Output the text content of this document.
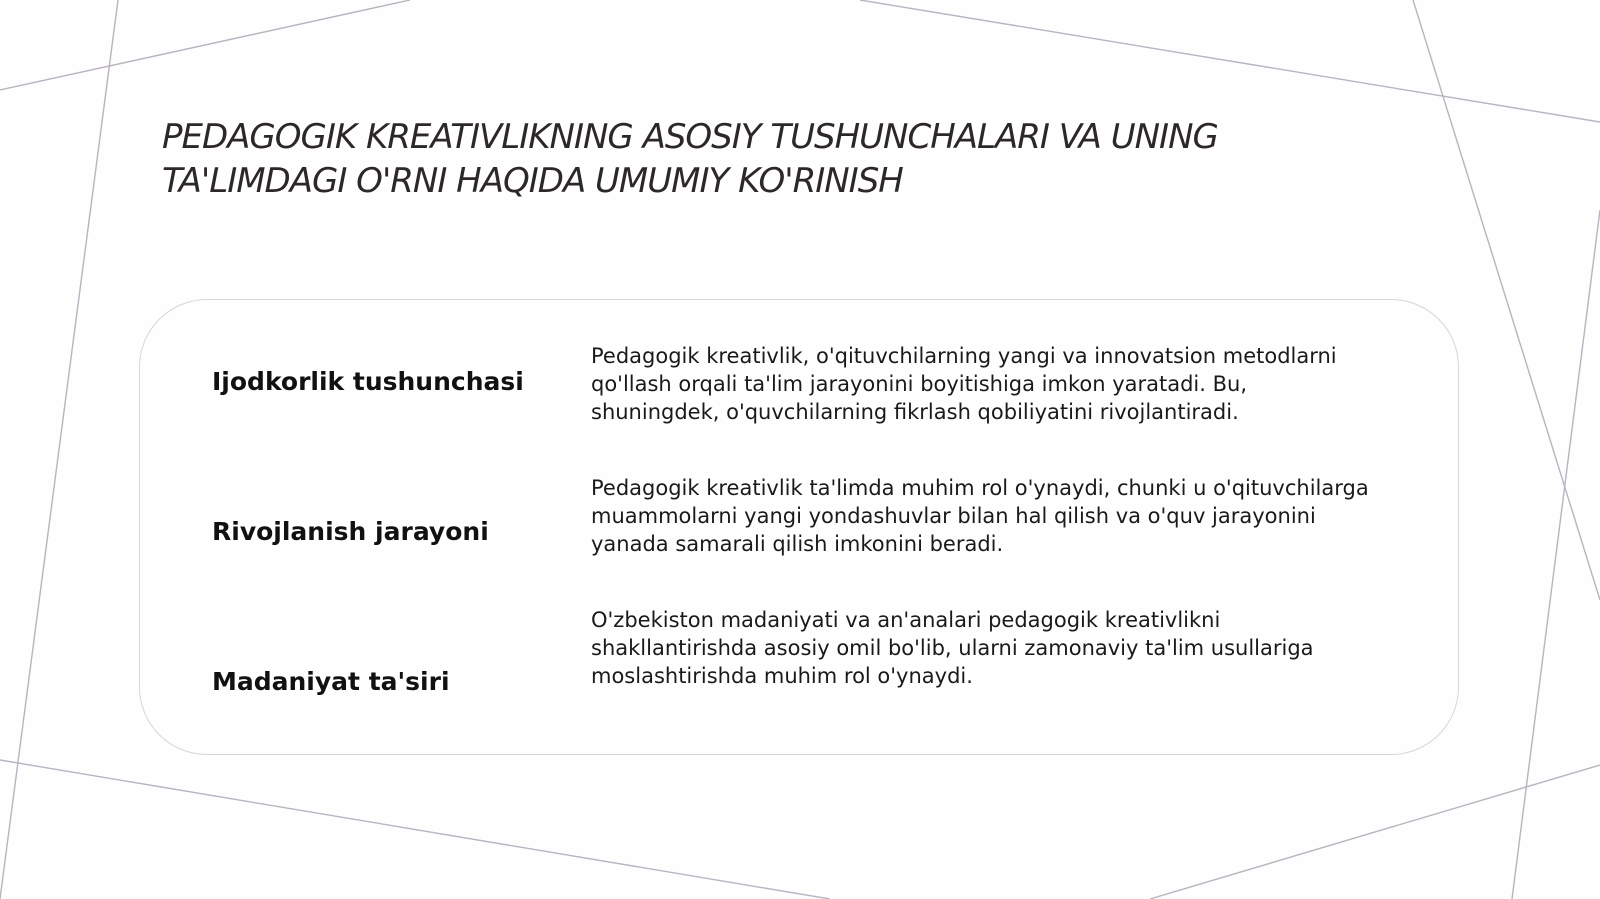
PEDAGOGIK KREATIVLIKNING ASOSIY TUSHUNCHALARI VA UNING
TA'LIMDAGI O'RNI HAQIDA UMUMIY KO'RINISH

Ijodkorlik tushunchasi

Pedagogik kreativlik, o'qituvchilarning yangi va innovatsion metodlarni
qo'llash orqali ta'lim jarayonini boyitishiga imkon yaratadi. Bu,
shuningdek, o'quvchilarning fikrlash qobiliyatini rivojlantiradi.

Rivojlanish jarayoni

Pedagogik kreativlik ta'limda muhim rol o'ynaydi, chunki u o'qituvchilarga
muammolarni yangi yondashuvlar bilan hal qilish va o'quv jarayonini
yanada samarali qilish imkonini beradi.

Madaniyat ta'siri

O'zbekiston madaniyati va an'analari pedagogik kreativlikni
shakllantirishda asosiy omil bo'lib, ularni zamonaviy ta'lim usullariga
moslashtirishda muhim rol o'ynaydi.
